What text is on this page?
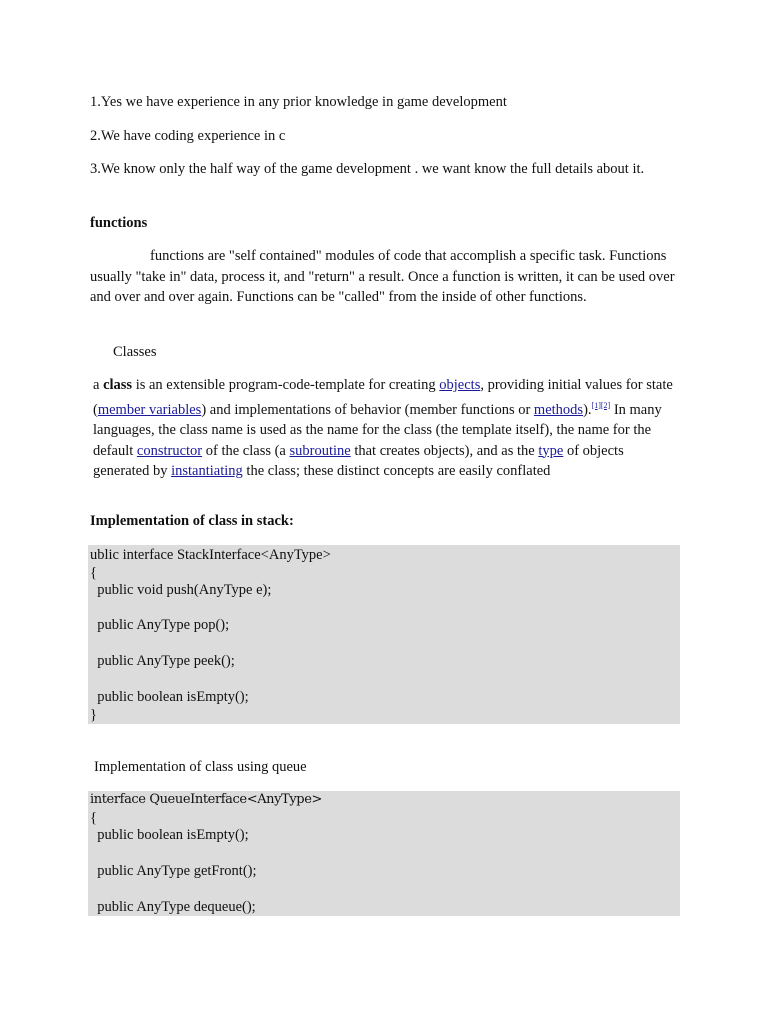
1.Yes we have experience in any prior knowledge in game development

2.We have coding experience in c

3.We know only the half way of the game development . we want know the full details about it.

functions

functions are "self contained" modules of code that accomplish a specific task. Functions usually "take in" data, process it, and "return" a result. Once a function is written, it can be used over and over and over again. Functions can be "called" from the inside of other functions.

Classes

a class is an extensible program-code-template for creating objects, providing initial values for state (member variables) and implementations of behavior (member functions or methods).[1][2] In many languages, the class name is used as the name for the class (the template itself), the name for the default constructor of the class (a subroutine that creates objects), and as the type of objects generated by instantiating the class; these distinct concepts are easily conflated

Implementation of class in stack:

ublic interface StackInterface<AnyType>
{
public void push(AnyType e);
public AnyType pop();
public AnyType peek();
public boolean isEmpty();
}

Implementation of class using queue

interface QueueInterface<AnyType>
{
public boolean isEmpty();
public AnyType getFront();
public AnyType dequeue();
